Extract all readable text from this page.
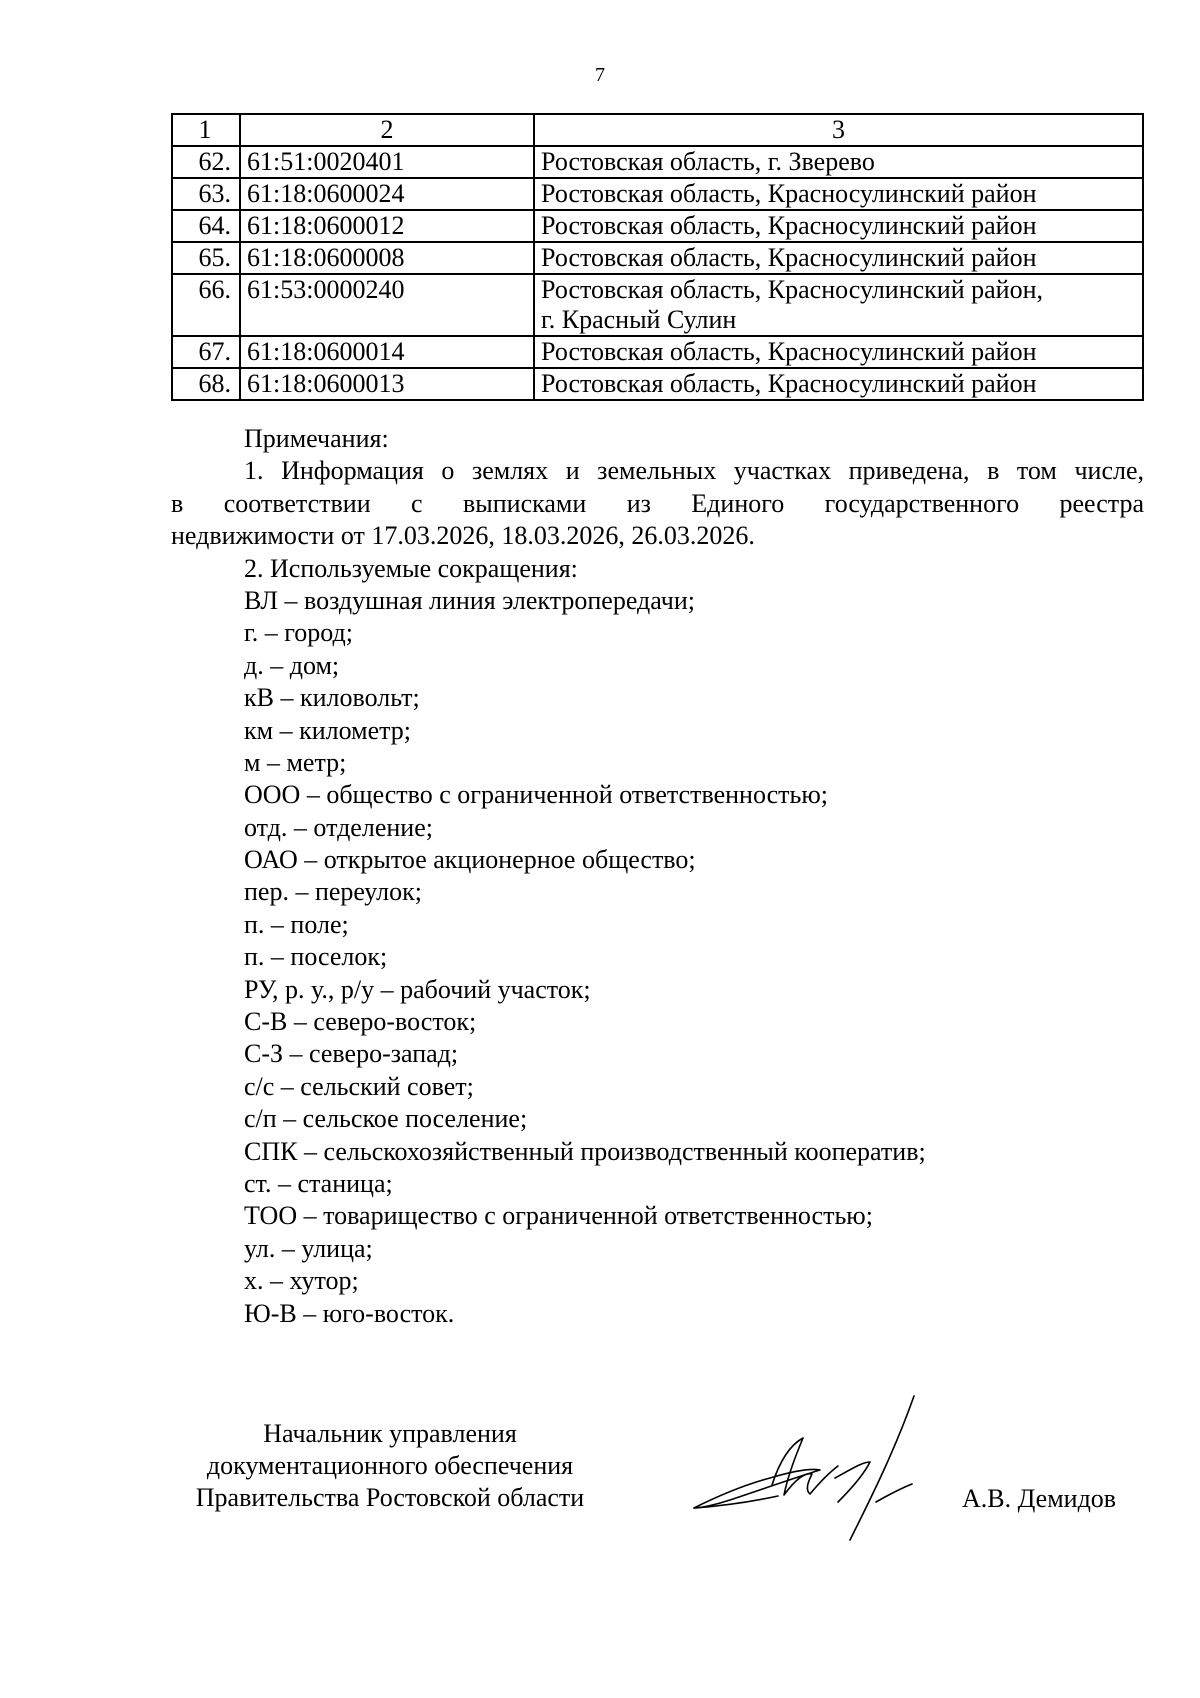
7
1	2	3
62.	61:51:0020401	Ростовская область, г. Зверево
63.	61:18:0600024	Ростовская область, Красносулинский район
64.	61:18:0600012	Ростовская область, Красносулинский район
65.	61:18:0600008	Ростовская область, Красносулинский район
66.	61:53:0000240	Ростовская область, Красносулинский район,
г. Красный Сулин

67.	61:18:0600014	Ростовская область, Красносулинский район
68.	61:18:0600013	Ростовская область, Красносулинский район
Примечания:
1. Информация о землях и земельных участках приведена, в том числе,
в соответствии с выписками из Единого государственного реестра
недвижимости от 17.03.2026, 18.03.2026, 26.03.2026.
2. Используемые сокращения:
ВЛ – воздушная линия электропередачи;
г. – город;
д. – дом;
кВ – киловольт;
км – километр;
м – метр;
ООО – общество с ограниченной ответственностью;
отд. – отделение;
ОАО – открытое акционерное общество;
пер. – переулок;
п. – поле;
п. – поселок;
РУ, р. у., р/у – рабочий участок;
С-В – северо-восток;
С-З – северо-запад;
с/с – сельский совет;
с/п – сельское поселение;
СПК – сельскохозяйственный производственный кооператив;
ст. – станица;
ТОО – товарищество с ограниченной ответственностью;
ул. – улица;
х. – хутор;
Ю-В – юго-восток.
Начальник управления
документационного обеспечения
Правительства Ростовской области	А.В. Демидов
